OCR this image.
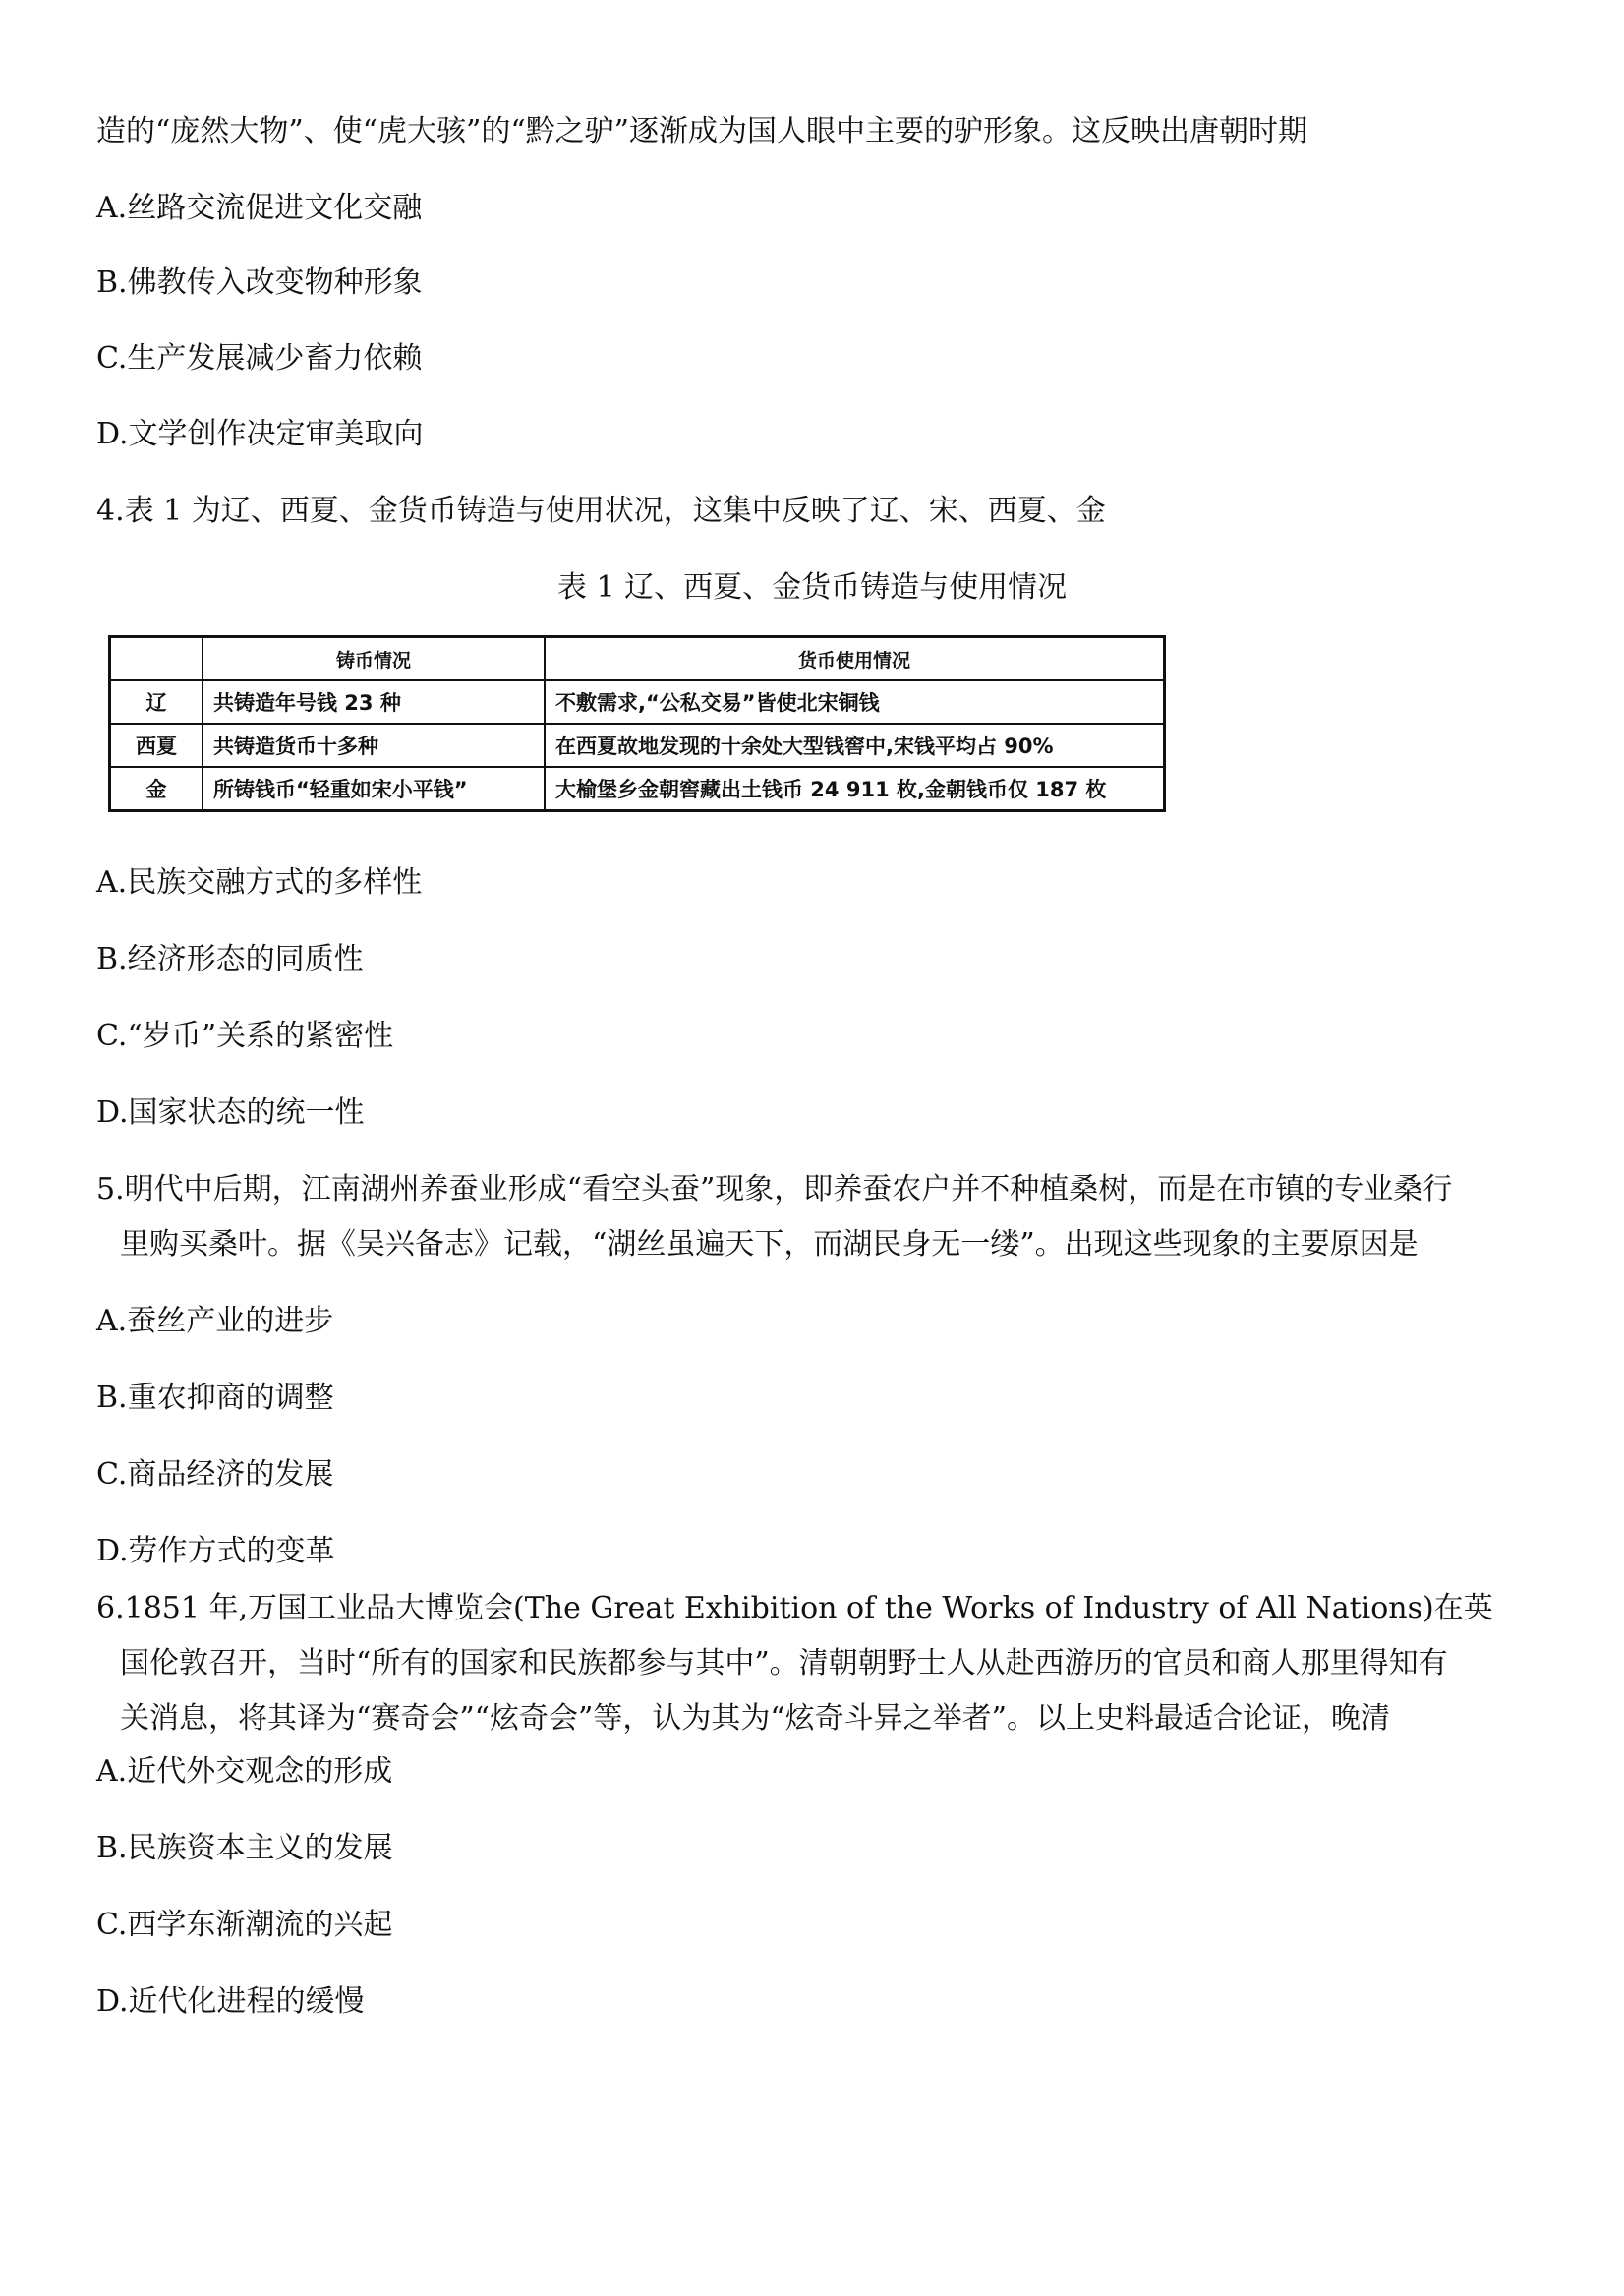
造的“庞然大物”、使“虎大骇”的“黔之驴”逐渐成为国人眼中主要的驴形象。这反映出唐朝时期
A.丝路交流促进文化交融
B.佛教传入改变物种形象
C.生产发展减少畜力依赖
D.文学创作决定审美取向
4.表 1 为辽、西夏、金货币铸造与使用状况，这集中反映了辽、宋、西夏、金
表 1 辽、西夏、金货币铸造与使用情况
	铸币情况	货币使用情况
辽	共铸造年号钱 23 种	不敷需求,“公私交易”皆使北宋铜钱
西夏	共铸造货币十多种	在西夏故地发现的十余处大型钱窖中,宋钱平均占 90%
金	所铸钱币“轻重如宋小平钱”	大榆堡乡金朝窖藏出土钱币 24 911 枚,金朝钱币仅 187 枚
A.民族交融方式的多样性
B.经济形态的同质性
C.“岁币”关系的紧密性
D.国家状态的统一性
5.明代中后期，江南湖州养蚕业形成“看空头蚕”现象，即养蚕农户并不种植桑树，而是在市镇的专业桑行
里购买桑叶。据《吴兴备志》记载，“湖丝虽遍天下，而湖民身无一缕”。出现这些现象的主要原因是
A.蚕丝产业的进步
B.重农抑商的调整
C.商品经济的发展
D.劳作方式的变革
6.1851 年,万国工业品大博览会(The Great Exhibition of the Works of Industry of All Nations)在英
国伦敦召开，当时“所有的国家和民族都参与其中”。清朝朝野士人从赴西游历的官员和商人那里得知有
关消息，将其译为“赛奇会”“炫奇会”等，认为其为“炫奇斗异之举者”。以上史料最适合论证，晚清
A.近代外交观念的形成
B.民族资本主义的发展
C.西学东渐潮流的兴起
D.近代化进程的缓慢
